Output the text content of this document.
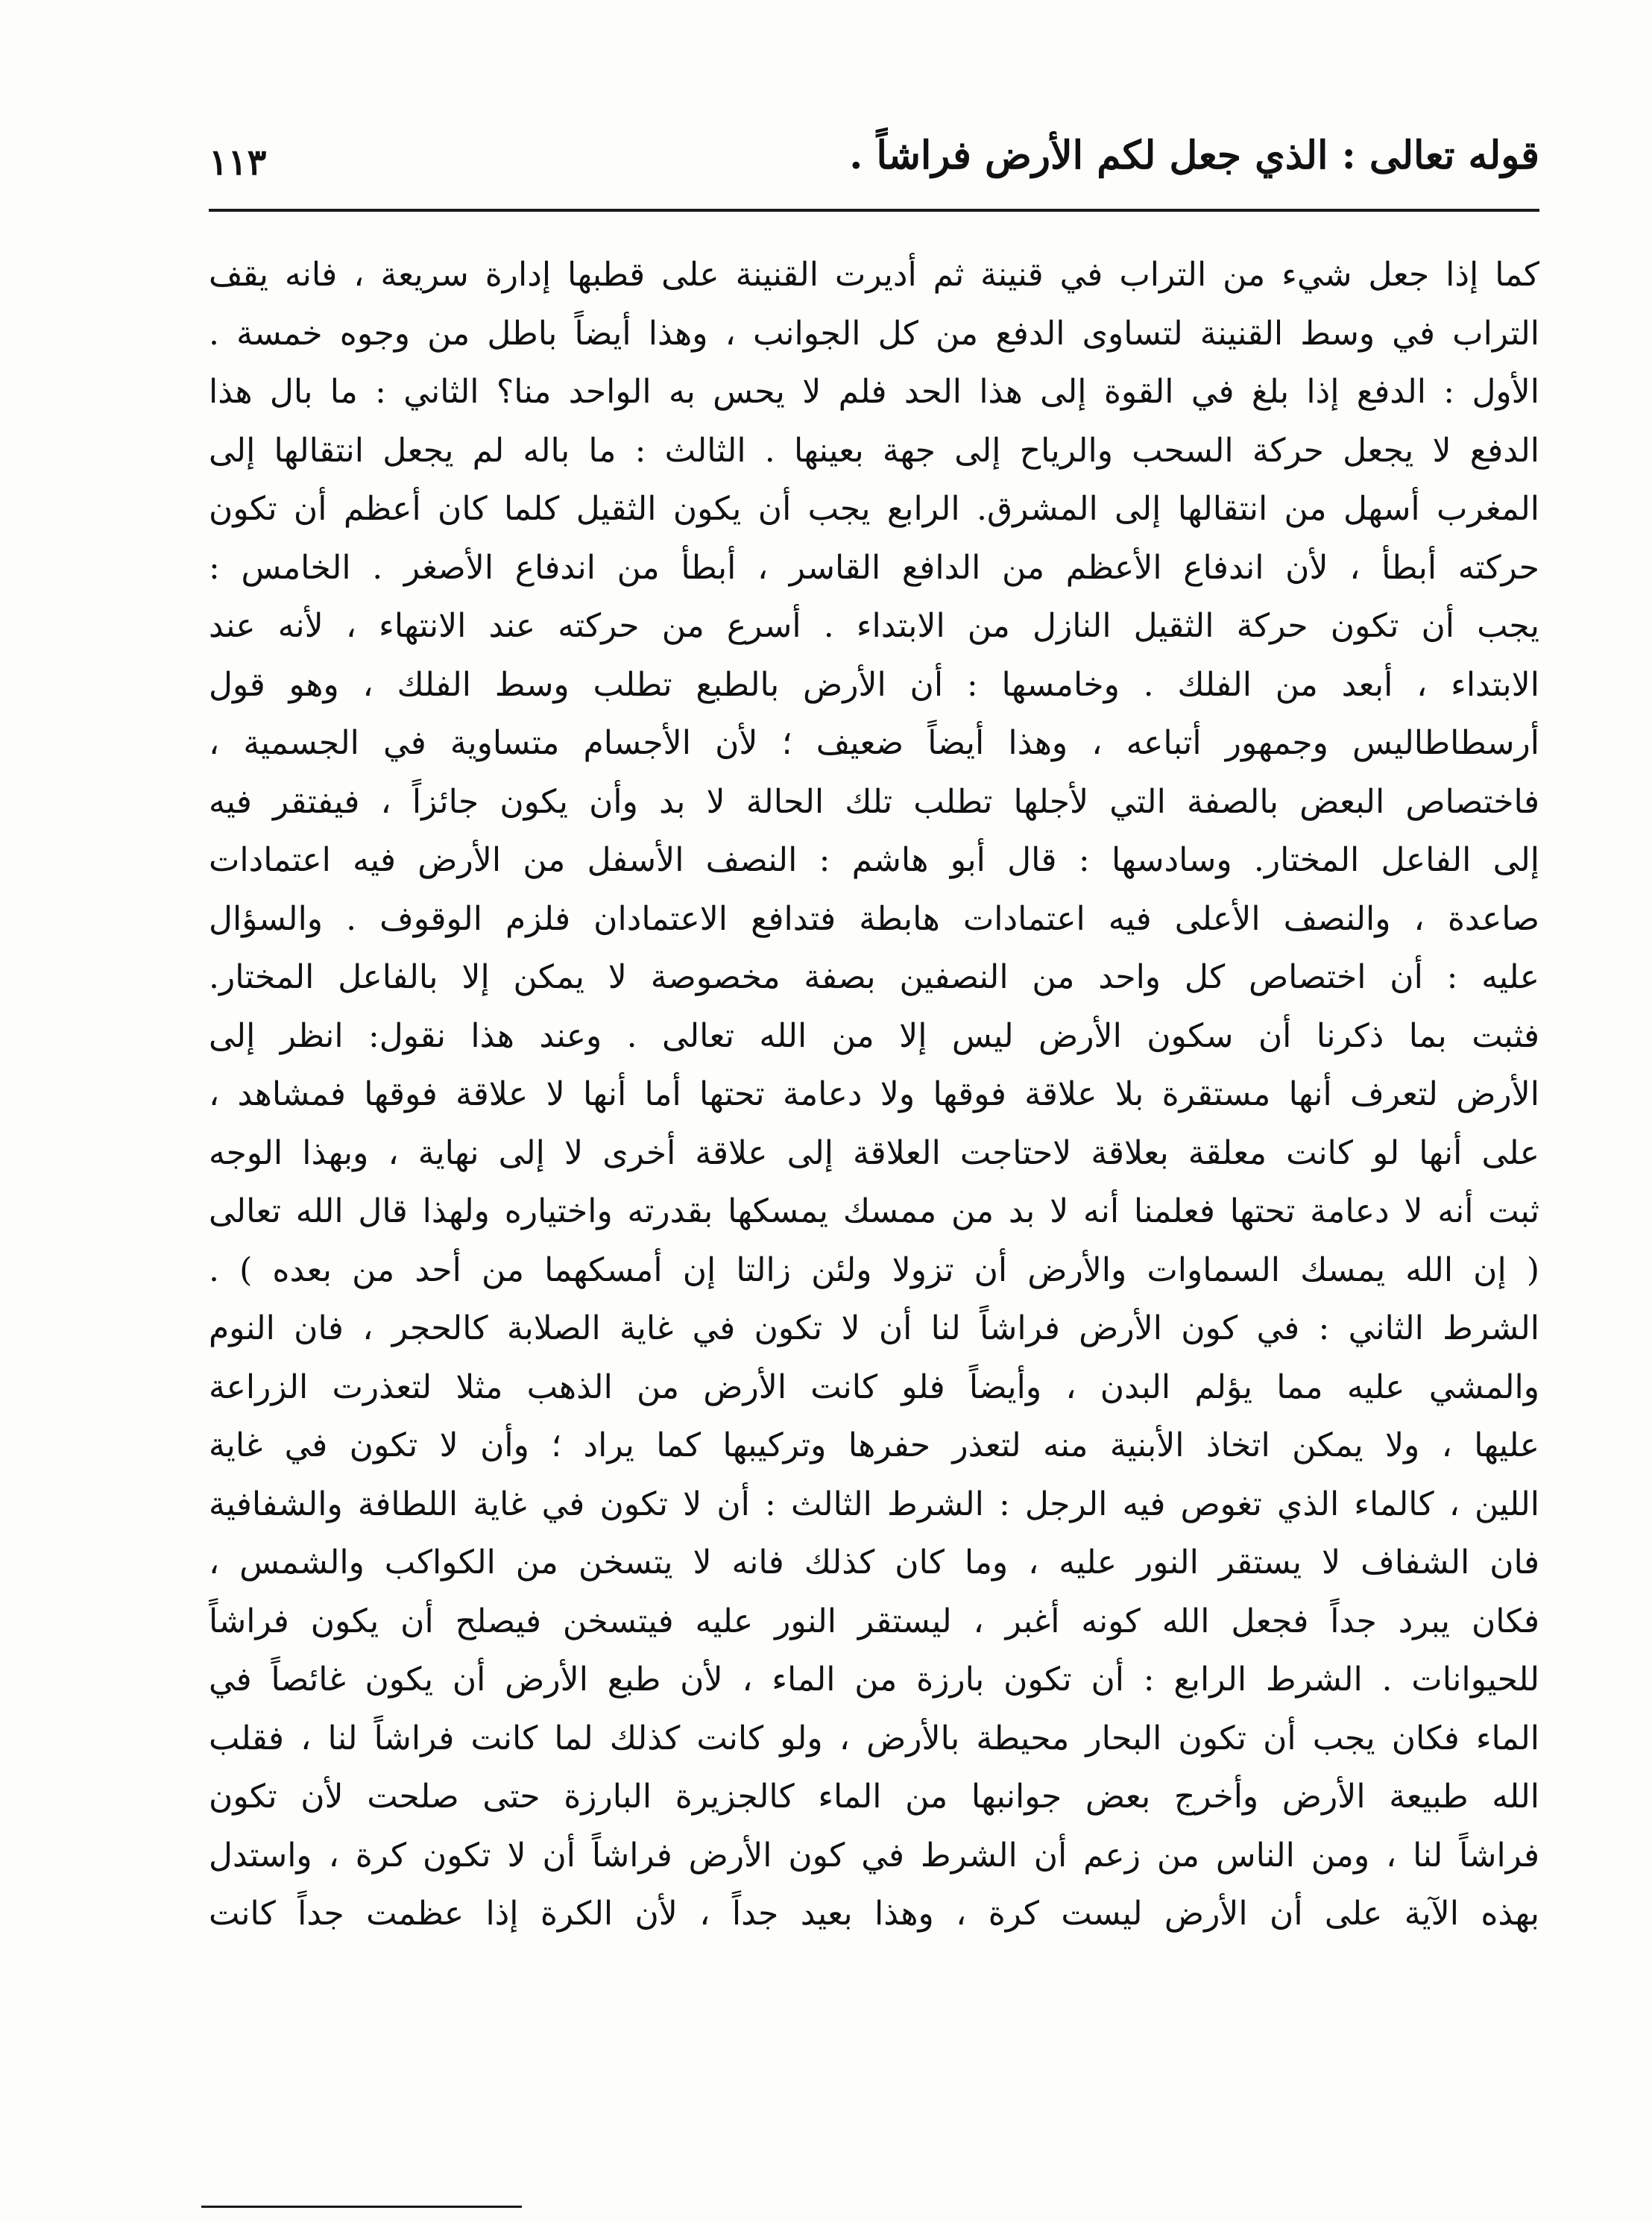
قوله تعالى : الذي جعل لكم الأرض فراشاً .
١١٣
كما إذا جعل شيء من التراب في قنينة ثم أديرت القنينة على قطبها إدارة سريعة ، فانه يقف
التراب في وسط القنينة لتساوى الدفع من كل الجوانب ، وهذا أيضاً باطل من وجوه خمسة .
الأول : الدفع إذا بلغ في القوة إلى هذا الحد فلم لا يحس به الواحد منا؟ الثاني : ما بال هذا
الدفع لا يجعل حركة السحب والرياح إلى جهة بعينها . الثالث : ما باله لم يجعل انتقالها إلى
المغرب أسهل من انتقالها إلى المشرق. الرابع يجب أن يكون الثقيل كلما كان أعظم أن تكون
حركته أبطأ ، لأن اندفاع الأعظم من الدافع القاسر ، أبطأ من اندفاع الأصغر . الخامس :
يجب أن تكون حركة الثقيل النازل من الابتداء . أسرع من حركته عند الانتهاء ، لأنه عند
الابتداء ، أبعد من الفلك . وخامسها : أن الأرض بالطبع تطلب وسط الفلك ، وهو قول
أرسطاطاليس وجمهور أتباعه ، وهذا أيضاً ضعيف ؛ لأن الأجسام متساوية في الجسمية ،
فاختصاص البعض بالصفة التي لأجلها تطلب تلك الحالة لا بد وأن يكون جائزاً ، فيفتقر فيه
إلى الفاعل المختار. وسادسها : قال أبو هاشم : النصف الأسفل من الأرض فيه اعتمادات
صاعدة ، والنصف الأعلى فيه اعتمادات هابطة فتدافع الاعتمادان فلزم الوقوف . والسؤال
عليه : أن اختصاص كل واحد من النصفين بصفة مخصوصة لا يمكن إلا بالفاعل المختار.
فثبت بما ذكرنا أن سكون الأرض ليس إلا من الله تعالى . وعند هذا نقول: انظر إلى
الأرض لتعرف أنها مستقرة بلا علاقة فوقها ولا دعامة تحتها أما أنها لا علاقة فوقها فمشاهد ،
على أنها لو كانت معلقة بعلاقة لاحتاجت العلاقة إلى علاقة أخرى لا إلى نهاية ، وبهذا الوجه
ثبت أنه لا دعامة تحتها فعلمنا أنه لا بد من ممسك يمسكها بقدرته واختياره ولهذا قال الله تعالى
( إن الله يمسك السماوات والأرض أن تزولا ولئن زالتا إن أمسكهما من أحد من بعده ) .
الشرط الثاني : في كون الأرض فراشاً لنا أن لا تكون في غاية الصلابة كالحجر ، فان النوم
والمشي عليه مما يؤلم البدن ، وأيضاً فلو كانت الأرض من الذهب مثلا لتعذرت الزراعة
عليها ، ولا يمكن اتخاذ الأبنية منه لتعذر حفرها وتركيبها كما يراد ؛ وأن لا تكون في غاية
اللين ، كالماء الذي تغوص فيه الرجل : الشرط الثالث : أن لا تكون في غاية اللطافة والشفافية
فان الشفاف لا يستقر النور عليه ، وما كان كذلك فانه لا يتسخن من الكواكب والشمس ،
فكان يبرد جداً فجعل الله كونه أغبر ، ليستقر النور عليه فيتسخن فيصلح أن يكون فراشاً
للحيوانات . الشرط الرابع : أن تكون بارزة من الماء ، لأن طبع الأرض أن يكون غائصاً في
الماء فكان يجب أن تكون البحار محيطة بالأرض ، ولو كانت كذلك لما كانت فراشاً لنا ، فقلب
الله طبيعة الأرض وأخرج بعض جوانبها من الماء كالجزيرة البارزة حتى صلحت لأن تكون
فراشاً لنا ، ومن الناس من زعم أن الشرط في كون الأرض فراشاً أن لا تكون كرة ، واستدل
بهذه الآية على أن الأرض ليست كرة ، وهذا بعيد جداً ، لأن الكرة إذا عظمت جداً كانت
